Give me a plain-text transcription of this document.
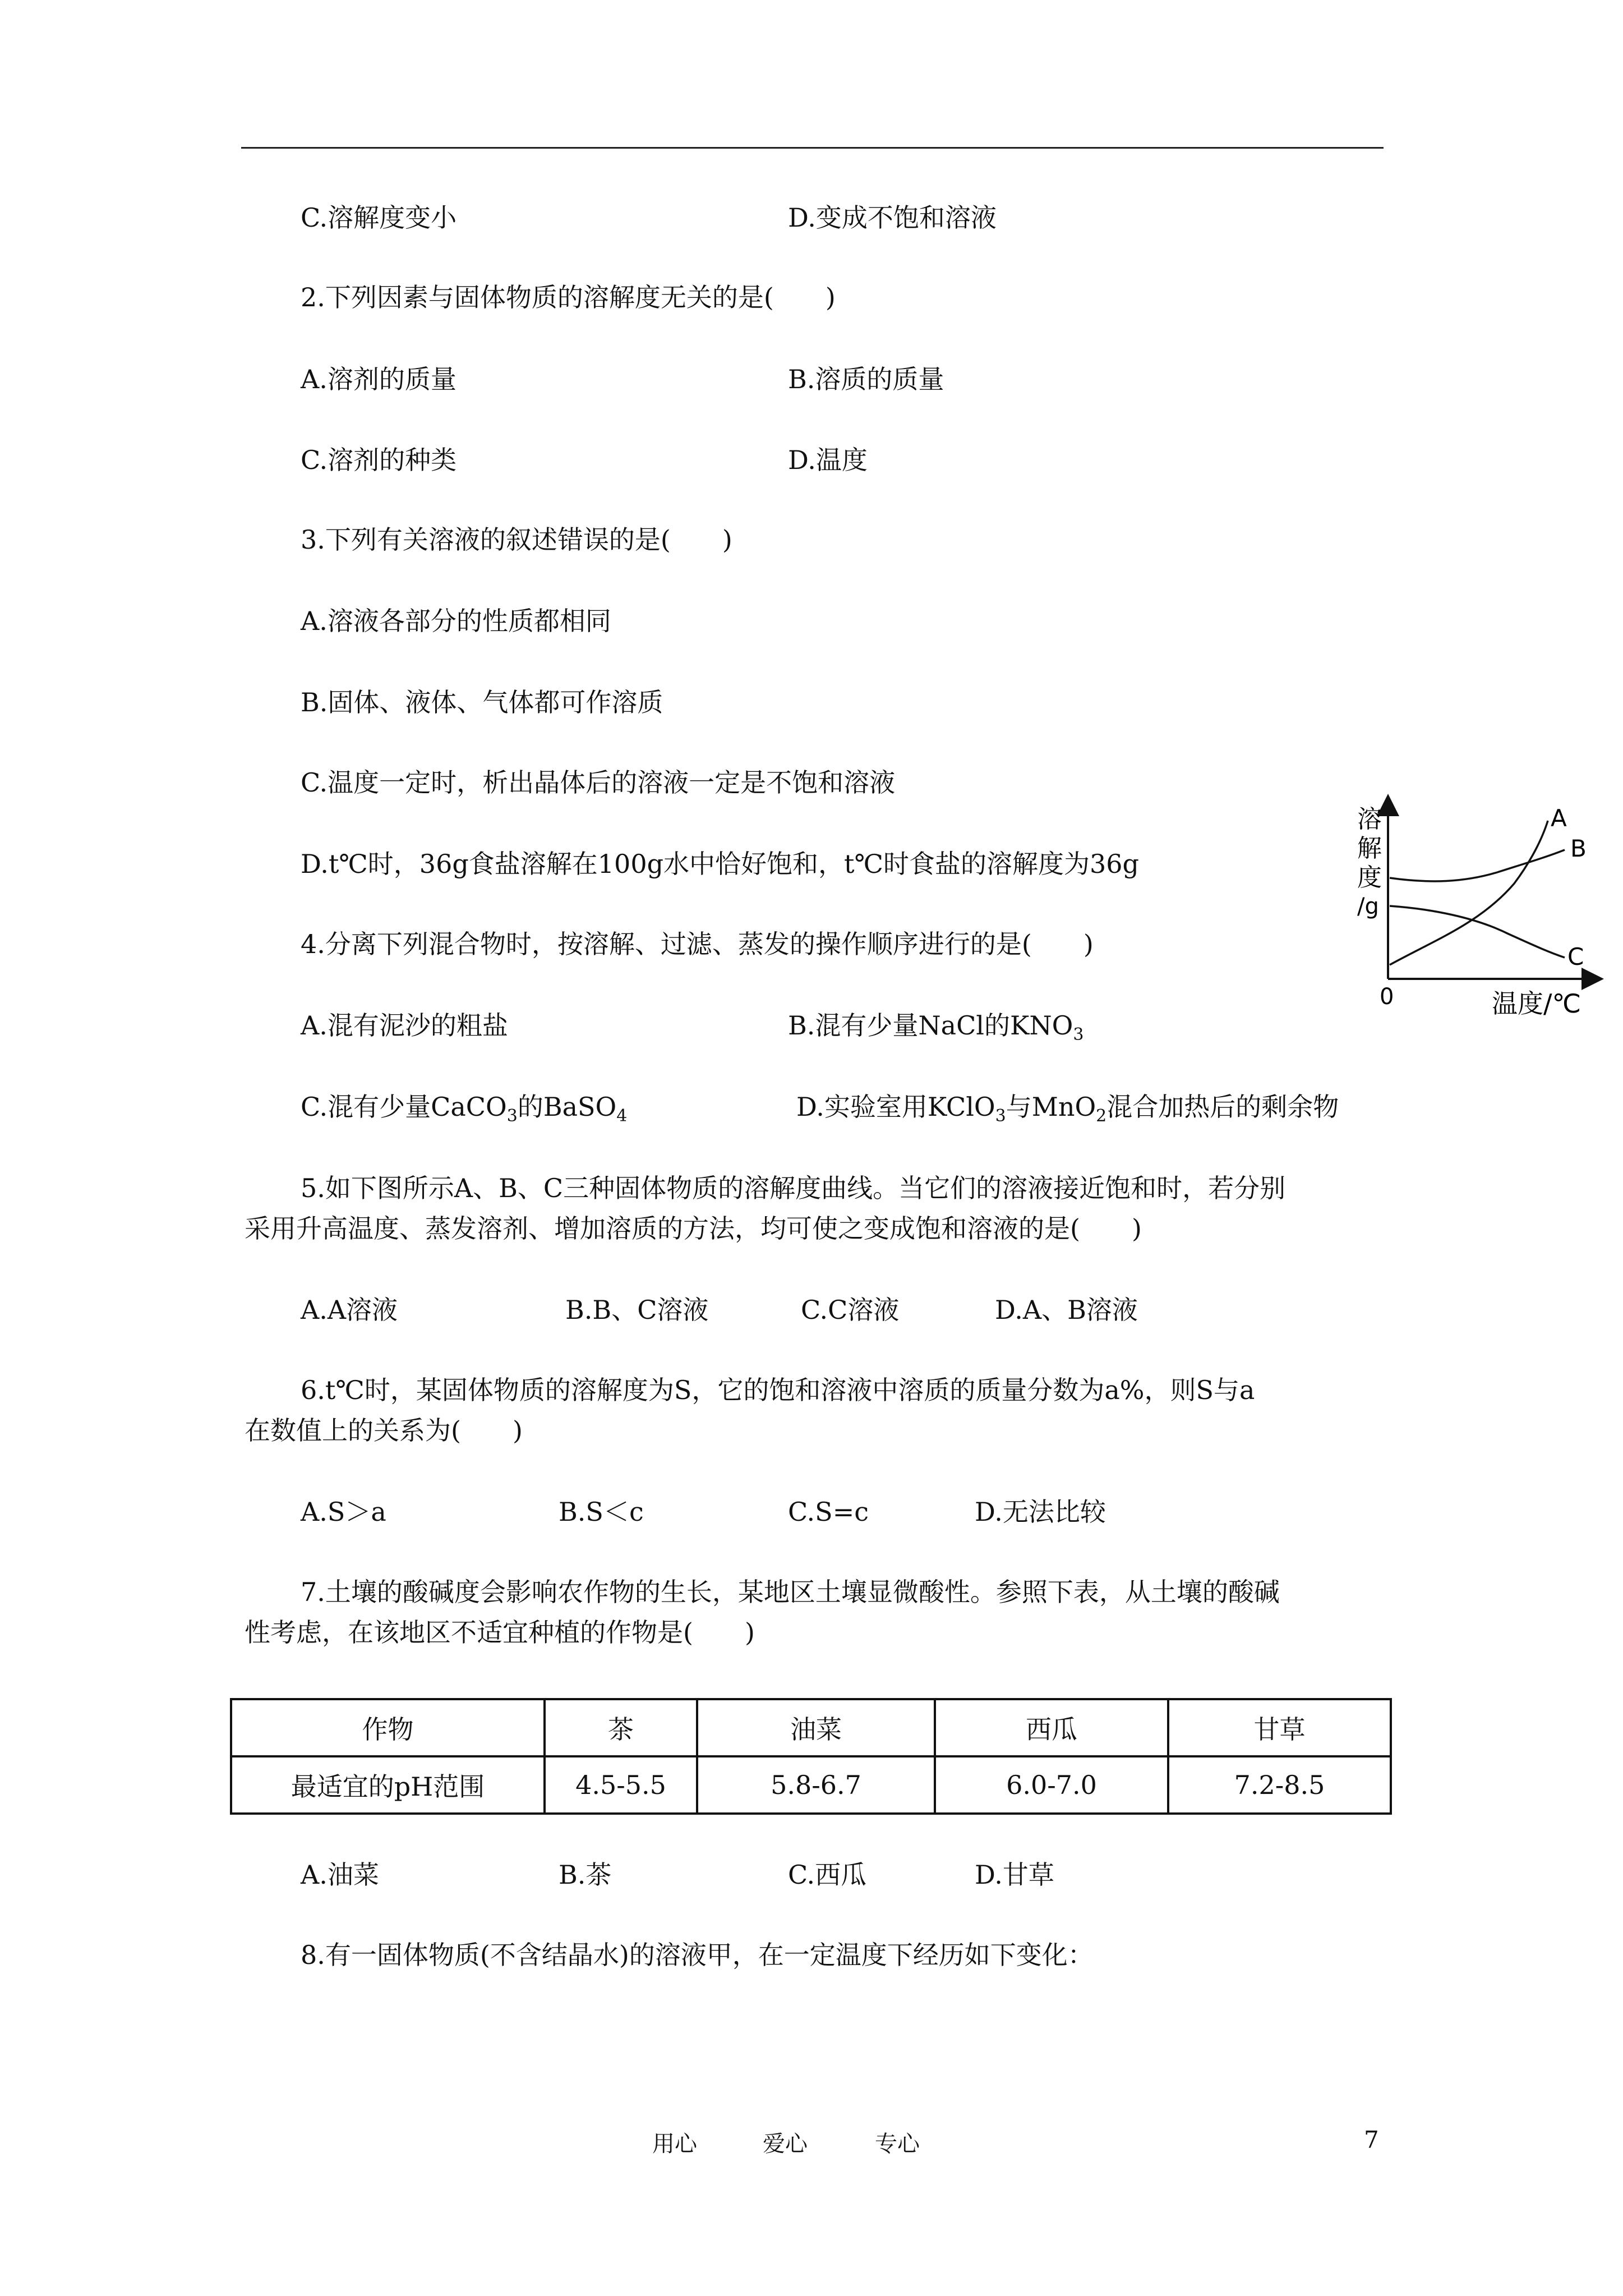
C.溶解度变小	D.变成不饱和溶液
2.下列因素与固体物质的溶解度无关的是(　　)
A.溶剂的质量	B.溶质的质量
C.溶剂的种类	D.温度
3.下列有关溶液的叙述错误的是(　　)
A.溶液各部分的性质都相同
B.固体、液体、气体都可作溶质
C.温度一定时，析出晶体后的溶液一定是不饱和溶液
D.t℃时，36g食盐溶解在100g水中恰好饱和，t℃时食盐的溶解度为36g
4.分离下列混合物时，按溶解、过滤、蒸发的操作顺序进行的是(　　)
A.混有泥沙的粗盐	B.混有少量NaCl的$KNO_3$
C.混有少量CaCO$_3$的BaSO$_4$	D.实验室用KClO$_3$与MnO$_2$混合加热后的剩余物
5.如下图所示A、B、C三种固体物质的溶解度曲线。当它们的溶液接近饱和时，若分别
采用升高温度、蒸发溶剂、增加溶质的方法，均可使之变成饱和溶液的是(　　)
A.A溶液	B.B、C溶液	C.C溶液	D.A、B溶液
6.t℃时，某固体物质的溶解度为S，它的饱和溶液中溶质的质量分数为a%，则S与a
在数值上的关系为(　　)
A.S＞a	B.S＜c	C.S=c	D.无法比较
7.土壤的酸碱度会影响农作物的生长，某地区土壤显微酸性。参照下表，从土壤的酸碱
性考虑，在该地区不适宜种植的作物是(　　)
作物	茶	油菜	西瓜	甘草
最适宜的pH范围	4.5-5.5	5.8-6.7	6.0-7.0	7.2-8.5
A.油菜	B.茶	C.西瓜	D.甘草
8.有一固体物质(不含结晶水)的溶液甲，在一定温度下经历如下变化：
溶
解
度
/g
0	温度/℃
A
B
C
用心	爱心	专心	7
